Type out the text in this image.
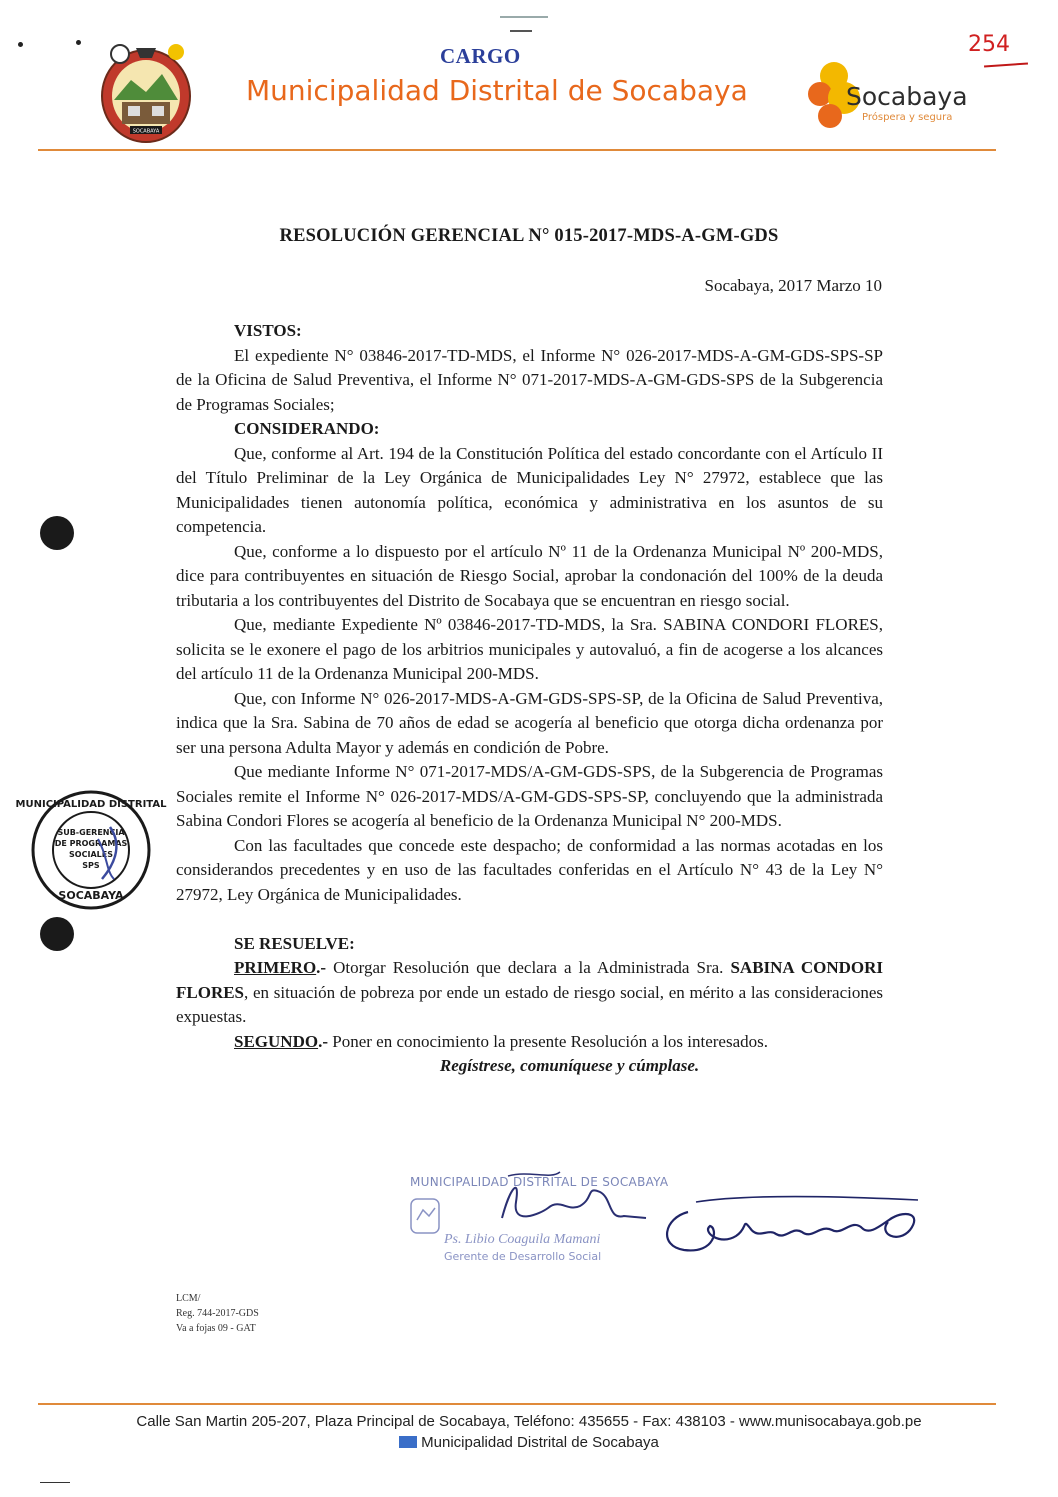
SOCABAYA
CARGO
Municipalidad Distrital de Socabaya
254
Socabaya
Próspera y segura
MUNICIPALIDAD DISTRITAL
SUB-GERENCIA
DE PROGRAMAS
SOCIALES
SPS
SOCABAYA
RESOLUCIÓN GERENCIAL N° 015-2017-MDS-A-GM-GDS
Socabaya, 2017 Marzo 10

VISTOS:

El expediente N° 03846-2017-TD-MDS, el Informe N° 026-2017-MDS-A-GM-GDS-SPS-SP de la Oficina de Salud Preventiva, el Informe N° 071-2017-MDS-A-GM-GDS-SPS de la Subgerencia de Programas Sociales;

CONSIDERANDO:

Que, conforme al Art. 194 de la Constitución Política del estado concordante con el Artículo II del Título Preliminar de la Ley Orgánica de Municipalidades Ley N° 27972, establece que las Municipalidades tienen autonomía política, económica y administrativa en los asuntos de su competencia.

Que, conforme a lo dispuesto por el artículo Nº 11 de la Ordenanza Municipal Nº 200-MDS, dice para contribuyentes en situación de Riesgo Social, aprobar la condonación del 100% de la deuda tributaria a los contribuyentes del Distrito de Socabaya que se encuentran en riesgo social.

Que, mediante Expediente Nº 03846-2017-TD-MDS, la Sra. SABINA CONDORI FLORES, solicita se le exonere el pago de los arbitrios municipales y autovaluó, a fin de acogerse a los alcances del artículo 11 de la Ordenanza Municipal 200-MDS.

Que, con Informe N° 026-2017-MDS-A-GM-GDS-SPS-SP, de la Oficina de Salud Preventiva, indica que la Sra. Sabina de 70 años de edad se acogería al beneficio que otorga dicha ordenanza por ser una persona Adulta Mayor y además en condición de Pobre.

Que mediante Informe N° 071-2017-MDS/A-GM-GDS-SPS, de la Subgerencia de Programas Sociales remite el Informe N° 026-2017-MDS/A-GM-GDS-SPS-SP, concluyendo que la administrada Sabina Condori Flores se acogería al beneficio de la Ordenanza Municipal N° 200-MDS.

Con las facultades que concede este despacho; de conformidad a las normas acotadas en los considerandos precedentes y en uso de las facultades conferidas en el Artículo N° 43 de la Ley N° 27972, Ley Orgánica de Municipalidades.

SE RESUELVE:

PRIMERO.- Otorgar Resolución que declara a la Administrada Sra. SABINA CONDORI FLORES, en situación de pobreza por ende un estado de riesgo social, en mérito a las consideraciones expuestas.

SEGUNDO.- Poner en conocimiento la presente Resolución a los interesados.

Regístrese, comuníquese y cúmplase.

MUNICIPALIDAD DISTRITAL DE SOCABAYA
Ps. Libio Coaguila Mamani
Gerente de Desarrollo Social
LCM/
Reg. 744-2017-GDS
Va a fojas 09 - GAT
Calle San Martin 205-207, Plaza Principal de Socabaya, Teléfono: 435655 - Fax: 438103 - www.munisocabaya.gob.pe
Municipalidad Distrital de Socabaya
